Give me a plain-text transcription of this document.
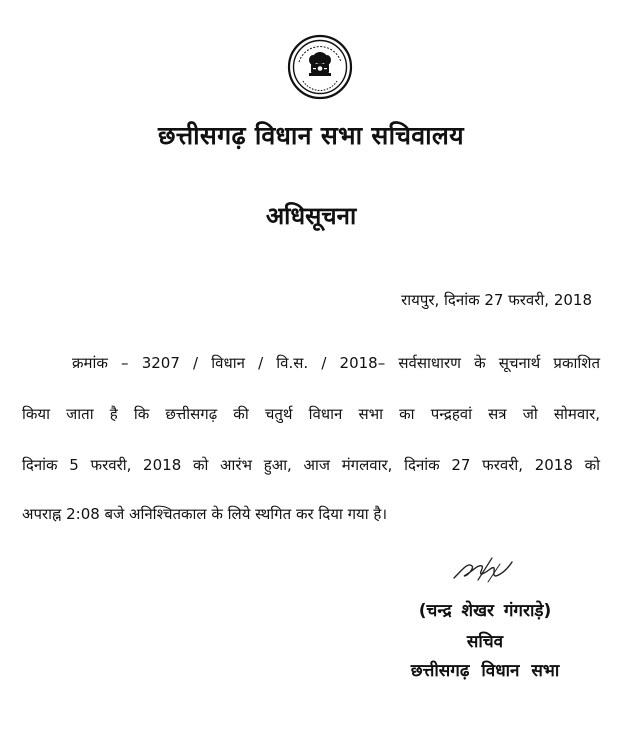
छत्तीसगढ़ विधान सभा सचिवालय
अधिसूचना
रायपुर, दिनांक 27 फरवरी, 2018
क्रमांक – 3207 / विधान / वि.स. / 2018– सर्वसाधारण के सूचनार्थ प्रकाशित
किया जाता है कि छत्तीसगढ़ की चतुर्थ विधान सभा का पन्द्रहवां सत्र जो सोमवार,
दिनांक 5 फरवरी, 2018 को आरंभ हुआ, आज मंगलवार, दिनांक 27 फरवरी, 2018 को
अपराह्न 2:08 बजे अनिश्चितकाल के लिये स्थगित कर दिया गया है।
(चन्द्र शेखर गंगराड़े)
सचिव
छत्तीसगढ़ विधान सभा
